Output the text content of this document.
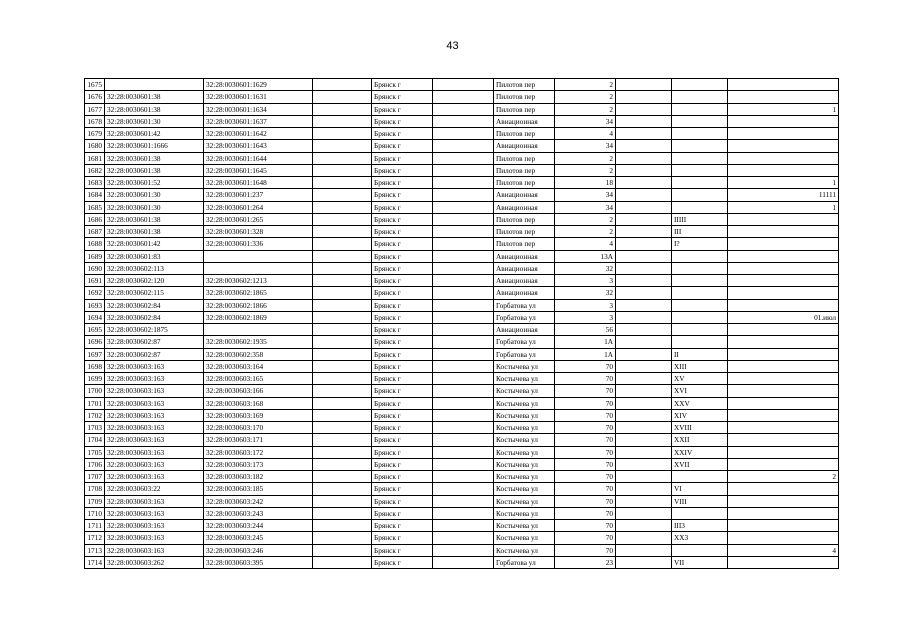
43
1675		32:28:0030601:1629		Брянск г		Пилотов пер	2			
1676	32:28:0030601:38	32:28:0030601:1631		Брянск г		Пилотов пер	2			
1677	32:28:0030601:38	32:28:0030601:1634		Брянск г		Пилотов пер	2			1
1678	32:28:0030601:30	32:28:0030601:1637		Брянск г		Авиационная	34			
1679	32:28:0030601:42	32:28:0030601:1642		Брянск г		Пилотов пер	4			
1680	32:28:0030601:1666	32:28:0030601:1643		Брянск г		Авиационная	34			
1681	32:28:0030601:38	32:28:0030601:1644		Брянск г		Пилотов пер	2			
1682	32:28:0030601:38	32:28:0030601:1645		Брянск г		Пилотов пер	2			
1683	32:28:0030601:52	32:28:0030601:1648		Брянск г		Пилотов пер	18			1
1684	32:28:0030601:30	32:28:0030601:237		Брянск г		Авиационная	34			11111
1685	32:28:0030601:30	32:28:0030601:264		Брянск г		Авиационная	34			1
1686	32:28:0030601:38	32:28:0030601:265		Брянск г		Пилотов пер	2		IIIII	
1687	32:28:0030601:38	32:28:0030601:328		Брянск г		Пилотов пер	2		III	
1688	32:28:0030601:42	32:28:0030601:336		Брянск г		Пилотов пер	4		I?	
1689	32:28:0030601:83			Брянск г		Авиационная	13А			
1690	32:28:0030602:113			Брянск г		Авиационная	32			
1691	32:28:0030602:120	32:28:0030602:1213		Брянск г		Авиационная	3			
1692	32:28:0030602:115	32:28:0030602:1865		Брянск г		Авиационная	32			
1693	32:28:0030602:84	32:28:0030602:1866		Брянск г		Горбатова ул	3			
1694	32:28:0030602:84	32:28:0030602:1869		Брянск г		Горбатова ул	3			01.июл
1695	32:28:0030602:1875			Брянск г		Авиационная	56			
1696	32:28:0030602:87	32:28:0030602:1935		Брянск г		Горбатова ул	1А			
1697	32:28:0030602:87	32:28:0030602:358		Брянск г		Горбатова ул	1А		II	
1698	32:28:0030603:163	32:28:0030603:164		Брянск г		Костычева ул	70		XIII	
1699	32:28:0030603:163	32:28:0030603:165		Брянск г		Костычева ул	70		XV	
1700	32:28:0030603:163	32:28:0030603:166		Брянск г		Костычева ул	70		XVI	
1701	32:28:0030603:163	32:28:0030603:168		Брянск г		Костычева ул	70		XXV	
1702	32:28:0030603:163	32:28:0030603:169		Брянск г		Костычева ул	70		XIV	
1703	32:28:0030603:163	32:28:0030603:170		Брянск г		Костычева ул	70		XVIII	
1704	32:28:0030603:163	32:28:0030603:171		Брянск г		Костычева ул	70		XXII	
1705	32:28:0030603:163	32:28:0030603:172		Брянск г		Костычева ул	70		XXIV	
1706	32:28:0030603:163	32:28:0030603:173		Брянск г		Костычева ул	70		XVII	
1707	32:28:0030603:163	32:28:0030603:182		Брянск г		Костычева ул	70			2
1708	32:28:0030603:22	32:28:0030603:185		Брянск г		Костычева ул	70		VI	
1709	32:28:0030603:163	32:28:0030603:242		Брянск г		Костычева ул	70		VIII	
1710	32:28:0030603:163	32:28:0030603:243		Брянск г		Костычева ул	70			
1711	32:28:0030603:163	32:28:0030603:244		Брянск г		Костычева ул	70		III3	
1712	32:28:0030603:163	32:28:0030603:245		Брянск г		Костычева ул	70		XX3	
1713	32:28:0030603:163	32:28:0030603:246		Брянск г		Костычева ул	70			4
1714	32:28:0030603:262	32:28:0030603:395		Брянск г		Горбатова ул	23		VII	
